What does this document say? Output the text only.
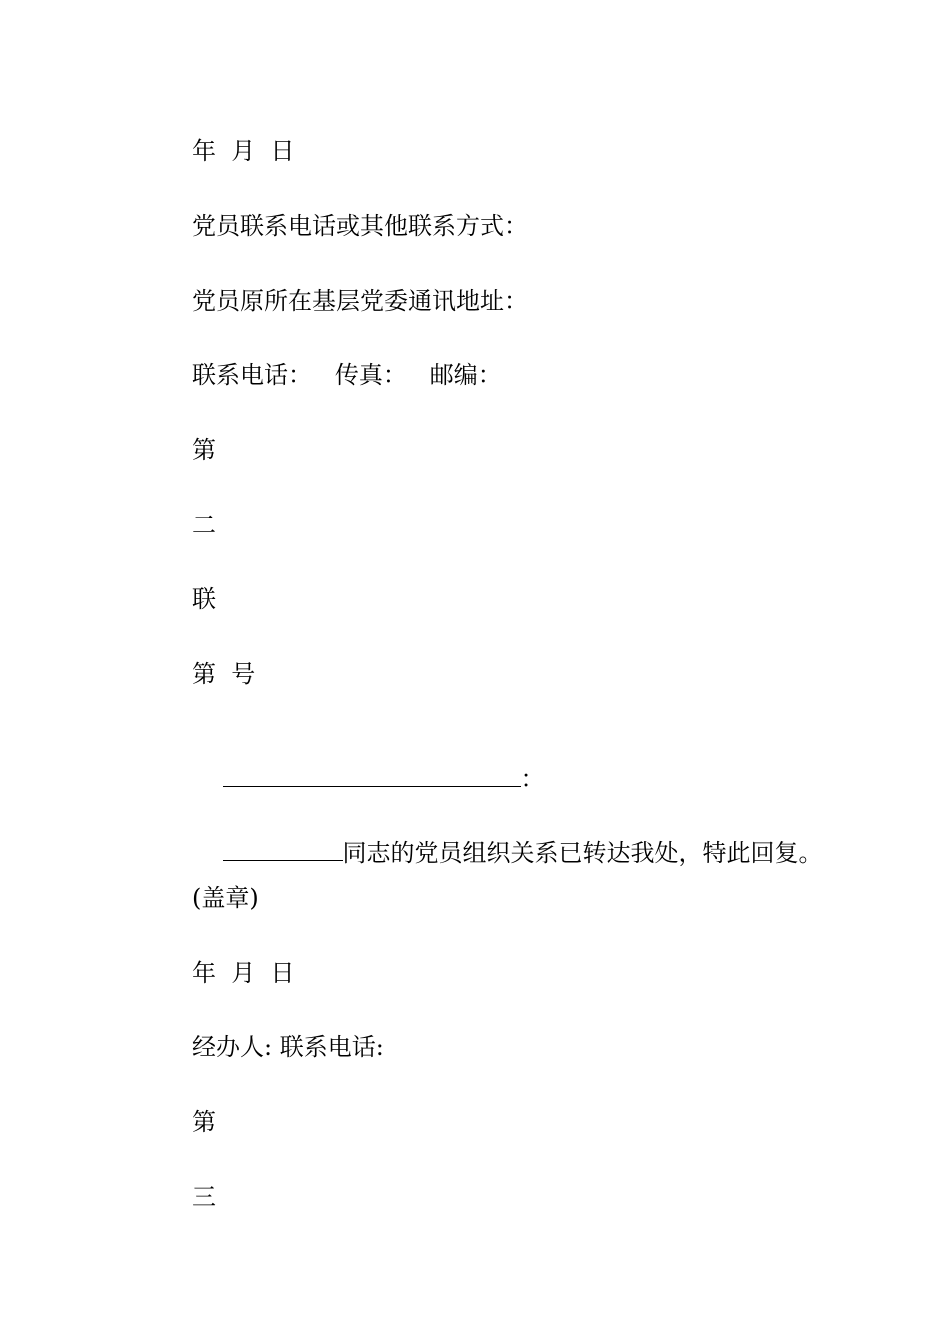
年  月  日
党员联系电话或其他联系方式：
党员原所在基层党委通讯地址：
联系电话：   传真：   邮编：
第
二
联
第  号

：

同志的党员组织关系已转达我处，特此回复。

(盖章)
年  月  日
经办人: 联系电话:
第
三
